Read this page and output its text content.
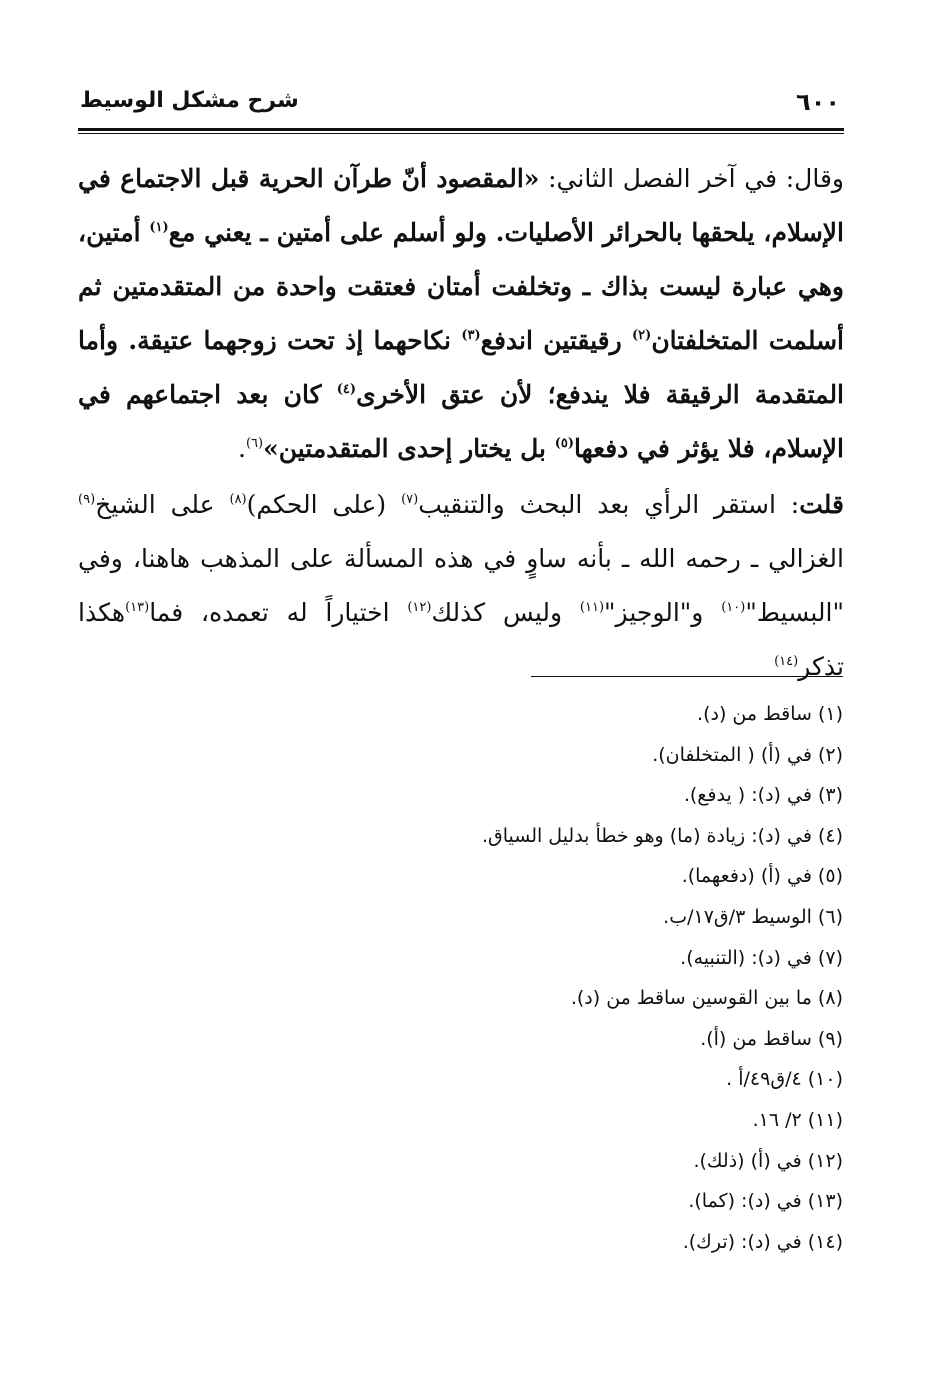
٦٠٠
شرح مشكل الوسيط

وقال: في آخر الفصل الثاني: «المقصود أنّ طرآن الحرية قبل الاجتماع في الإسلام، يلحقها بالحرائر الأصليات. ولو أسلم على أمتين ـ يعني مع$^{(١)}$ أمتين، وهي عبارة ليست بذاك ـ وتخلفت أمتان فعتقت واحدة من المتقدمتين ثم أسلمت المتخلفتان$^{(٢)}$ رقيقتين اندفع$^{(٣)}$ نكاحهما إذ تحت زوجهما عتيقة. وأما المتقدمة الرقيقة فلا يندفع؛ لأن عتق الأخرى$^{(٤)}$ كان بعد اجتماعهم في الإسلام، فلا يؤثر في دفعها$^{(٥)}$ بل يختار إحدى المتقدمتين»$^{(٦)}$.

قلت: استقر الرأي بعد البحث والتنقيب$^{(٧)}$ (على الحكم)$^{(٨)}$ على الشيخ$^{(٩)}$ الغزالي ـ رحمه الله ـ بأنه ساوٍ في هذه المسألة على المذهب هاهنا، وفي "البسيط"$^{(١٠)}$ و"الوجيز"$^{(١١)}$ وليس كذلك$^{(١٢)}$ اختياراً له تعمده، فما$^{(١٣)}$هكذا تذكر$^{(١٤)}$

(١) ساقط من (د).

(٢) في (أ) ( المتخلفان).

(٣) في (د): ( يدفع).

(٤) في (د): زيادة (ما) وهو خطأ بدليل السياق.

(٥) في (أ) (دفعهما).

(٦) الوسيط ٣/ق١٧/ب.

(٧) في (د): (التنبيه).

(٨) ما بين القوسين ساقط من (د).

(٩) ساقط من (أ).

(١٠) ٤/ق٤٩/أ .

(١١) ٢/ ١٦.

(١٢) في (أ) (ذلك).

(١٣) في (د): (كما).

(١٤) في (د): (ترك).
